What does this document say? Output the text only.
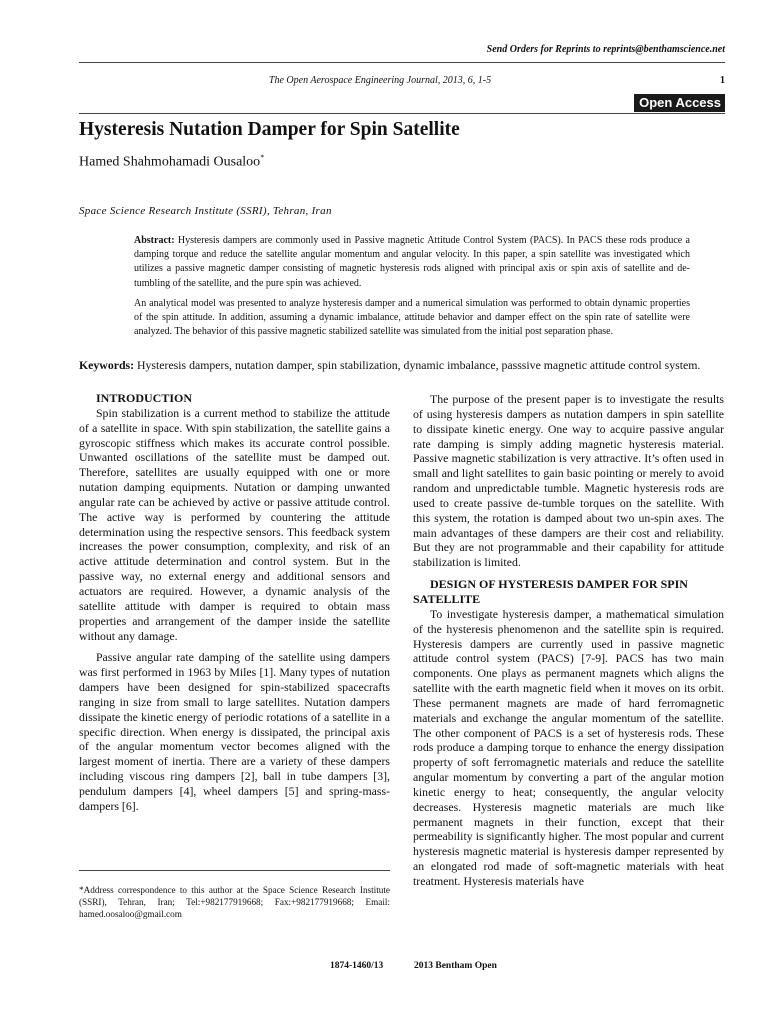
Send Orders for Reprints to reprints@benthamscience.net
The Open Aerospace Engineering Journal, 2013, 6, 1-5	1
Open Access
Hysteresis Nutation Damper for Spin Satellite
Hamed Shahmohamadi Ousaloo*
Space Science Research Institute (SSRI), Tehran, Iran

Abstract: Hysteresis dampers are commonly used in Passive magnetic Attitude Control System (PACS). In PACS these rods produce a damping torque and reduce the satellite angular momentum and angular velocity. In this paper, a spin satellite was investigated which utilizes a passive magnetic damper consisting of magnetic hysteresis rods aligned with principal axis or spin axis of satellite and de-tumbling of the satellite, and the pure spin was achieved.

An analytical model was presented to analyze hysteresis damper and a numerical simulation was performed to obtain dynamic properties of the spin attitude. In addition, assuming a dynamic imbalance, attitude behavior and damper effect on the spin rate of satellite were analyzed. The behavior of this passive magnetic stabilized satellite was simulated from the initial post separation phase.

Keywords: Hysteresis dampers, nutation damper, spin stabilization, dynamic imbalance, passsive magnetic attitude control system.

INTRODUCTION

Spin stabilization is a current method to stabilize the attitude of a satellite in space. With spin stabilization, the satellite gains a gyroscopic stiffness which makes its accurate control possible. Unwanted oscillations of the satellite must be damped out. Therefore, satellites are usually equipped with one or more nutation damping equipments. Nutation or damping unwanted angular rate can be achieved by active or passive attitude control. The active way is performed by countering the attitude determination using the respective sensors. This feedback system increases the power consumption, complexity, and risk of an active attitude determination and control system. But in the passive way, no external energy and additional sensors and actuators are required. However, a dynamic analysis of the satellite attitude with damper is required to obtain mass properties and arrangement of the damper inside the satellite without any damage.

Passive angular rate damping of the satellite using dampers was first performed in 1963 by Miles [1]. Many types of nutation dampers have been designed for spin-stabilized spacecrafts ranging in size from small to large satellites. Nutation dampers dissipate the kinetic energy of periodic rotations of a satellite in a specific direction. When energy is dissipated, the principal axis of the angular momentum vector becomes aligned with the largest moment of inertia. There are a variety of these dampers including viscous ring dampers [2], ball in tube dampers [3], pendulum dampers [4], wheel dampers [5] and spring-mass-dampers [6].

The purpose of the present paper is to investigate the results of using hysteresis dampers as nutation dampers in spin satellite to dissipate kinetic energy. One way to acquire passive angular rate damping is simply adding magnetic hysteresis material. Passive magnetic stabilization is very attractive. It’s often used in small and light satellites to gain basic pointing or merely to avoid random and unpredictable tumble. Magnetic hysteresis rods are used to create passive de-tumble torques on the satellite. With this system, the rotation is damped about two un-spin axes. The main advantages of these dampers are their cost and reliability. But they are not programmable and their capability for attitude stabilization is limited.

DESIGN OF HYSTERESIS DAMPER FOR SPIN SATELLITE

To investigate hysteresis damper, a mathematical simulation of the hysteresis phenomenon and the satellite spin is required. Hysteresis dampers are currently used in passive magnetic attitude control system (PACS) [7-9]. PACS has two main components. One plays as permanent magnets which aligns the satellite with the earth magnetic field when it moves on its orbit. These permanent magnets are made of hard ferromagnetic materials and exchange the angular momentum of the satellite. The other component of PACS is a set of hysteresis rods. These rods produce a damping torque to enhance the energy dissipation property of soft ferromagnetic materials and reduce the satellite angular momentum by converting a part of the angular motion kinetic energy to heat; consequently, the angular velocity decreases. Hysteresis magnetic materials are much like permanent magnets in their function, except that their permeability is significantly higher. The most popular and current hysteresis magnetic material is hysteresis damper represented by an elongated rod made of soft-magnetic materials with heat treatment. Hysteresis materials have

*Address correspondence to this author at the Space Science Research Institute (SSRI), Tehran, Iran; Tel:+982177919668; Fax:+982177919668; Email: hamed.oosaloo@gmail.com
1874-1460/13	2013 Bentham Open
